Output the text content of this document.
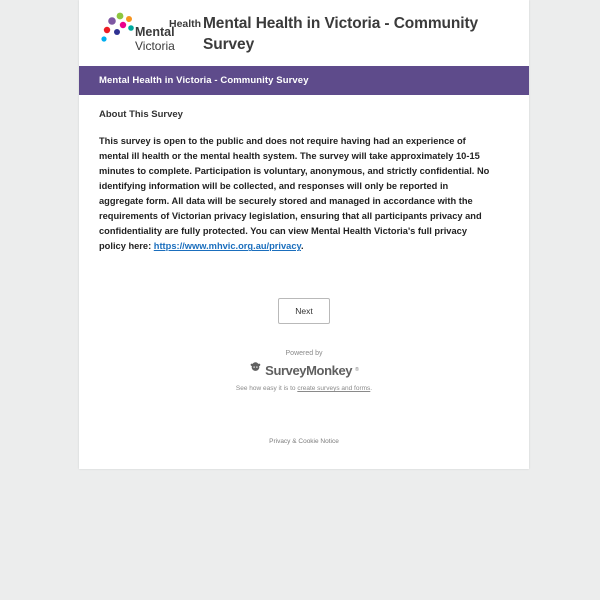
Mental
Victoria
Health Mental Health in Victoria - Community Survey
Mental Health in Victoria - Community Survey
About This Survey

This survey is open to the public and does not require having had an experience of mental ill health or the mental health system. The survey will take approximately 10-15 minutes to complete. Participation is voluntary, anonymous, and strictly confidential. No identifying information will be collected, and responses will only be reported in aggregate form. All data will be securely stored and managed in accordance with the requirements of Victorian privacy legislation, ensuring that all participants privacy and confidentiality are fully protected. You can view Mental Health Victoria's full privacy policy here: https://www.mhvic.org.au/privacy.

Next
Powered by
SurveyMonkey ®
See how easy it is to create surveys and forms.
Privacy & Cookie Notice
